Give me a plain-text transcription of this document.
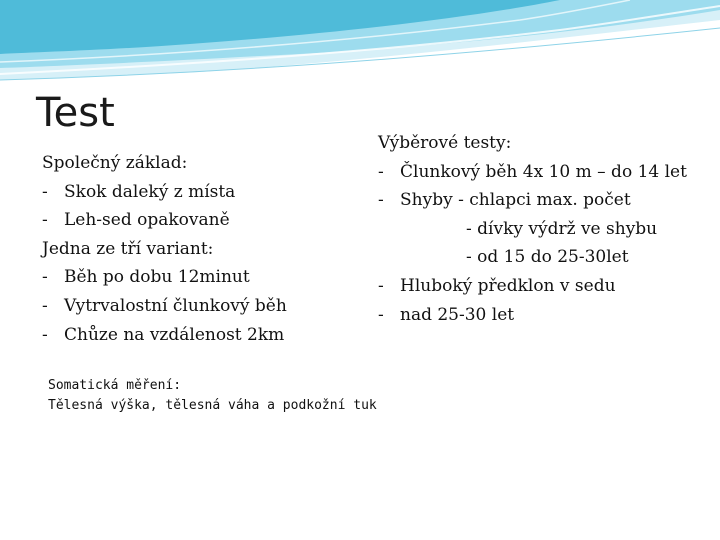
Test
Společný základ:
- Skok daleký z místa
- Leh-sed opakovaně
Jedna ze tří variant:
- Běh po dobu 12minut
- Vytrvalostní člunkový běh
- Chůze na vzdálenost 2km
Výběrové testy:
- Člunkový běh 4x 10 m – do 14 let
- Shyby - chlapci max. počet
- dívky výdrž ve shybu
- od 15 do 25-30let
- Hluboký předklon v sedu
- nad 25-30 let
Somatická měření:
Tělesná výška, tělesná váha a podkožní tuk
